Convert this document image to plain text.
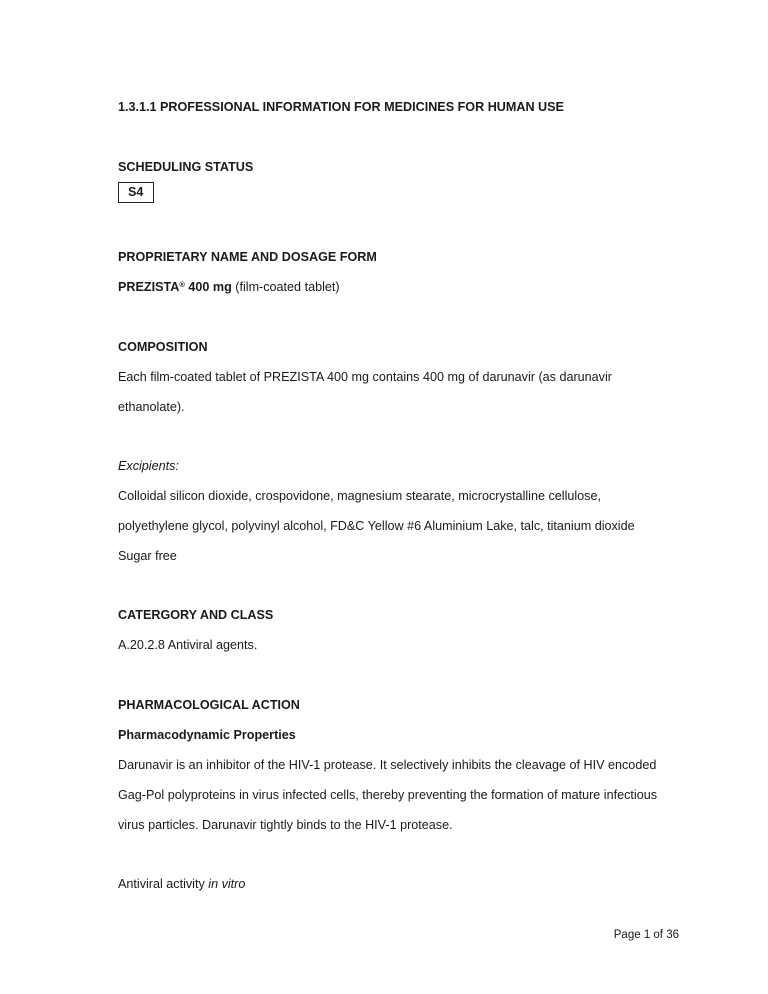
1.3.1.1 PROFESSIONAL INFORMATION FOR MEDICINES FOR HUMAN USE
SCHEDULING STATUS
S4
PROPRIETARY NAME AND DOSAGE FORM
PREZISTA® 400 mg (film-coated tablet)
COMPOSITION
Each film-coated tablet of PREZISTA 400 mg contains 400 mg of darunavir (as darunavir
ethanolate).
Excipients:
Colloidal silicon dioxide, crospovidone, magnesium stearate, microcrystalline cellulose,
polyethylene glycol, polyvinyl alcohol, FD&C Yellow #6 Aluminium Lake, talc, titanium dioxide
Sugar free
CATERGORY AND CLASS
A.20.2.8 Antiviral agents.
PHARMACOLOGICAL ACTION
Pharmacodynamic Properties
Darunavir is an inhibitor of the HIV-1 protease. It selectively inhibits the cleavage of HIV encoded
Gag-Pol polyproteins in virus infected cells, thereby preventing the formation of mature infectious
virus particles. Darunavir tightly binds to the HIV-1 protease.
Antiviral activity in vitro
Page 1 of 36
